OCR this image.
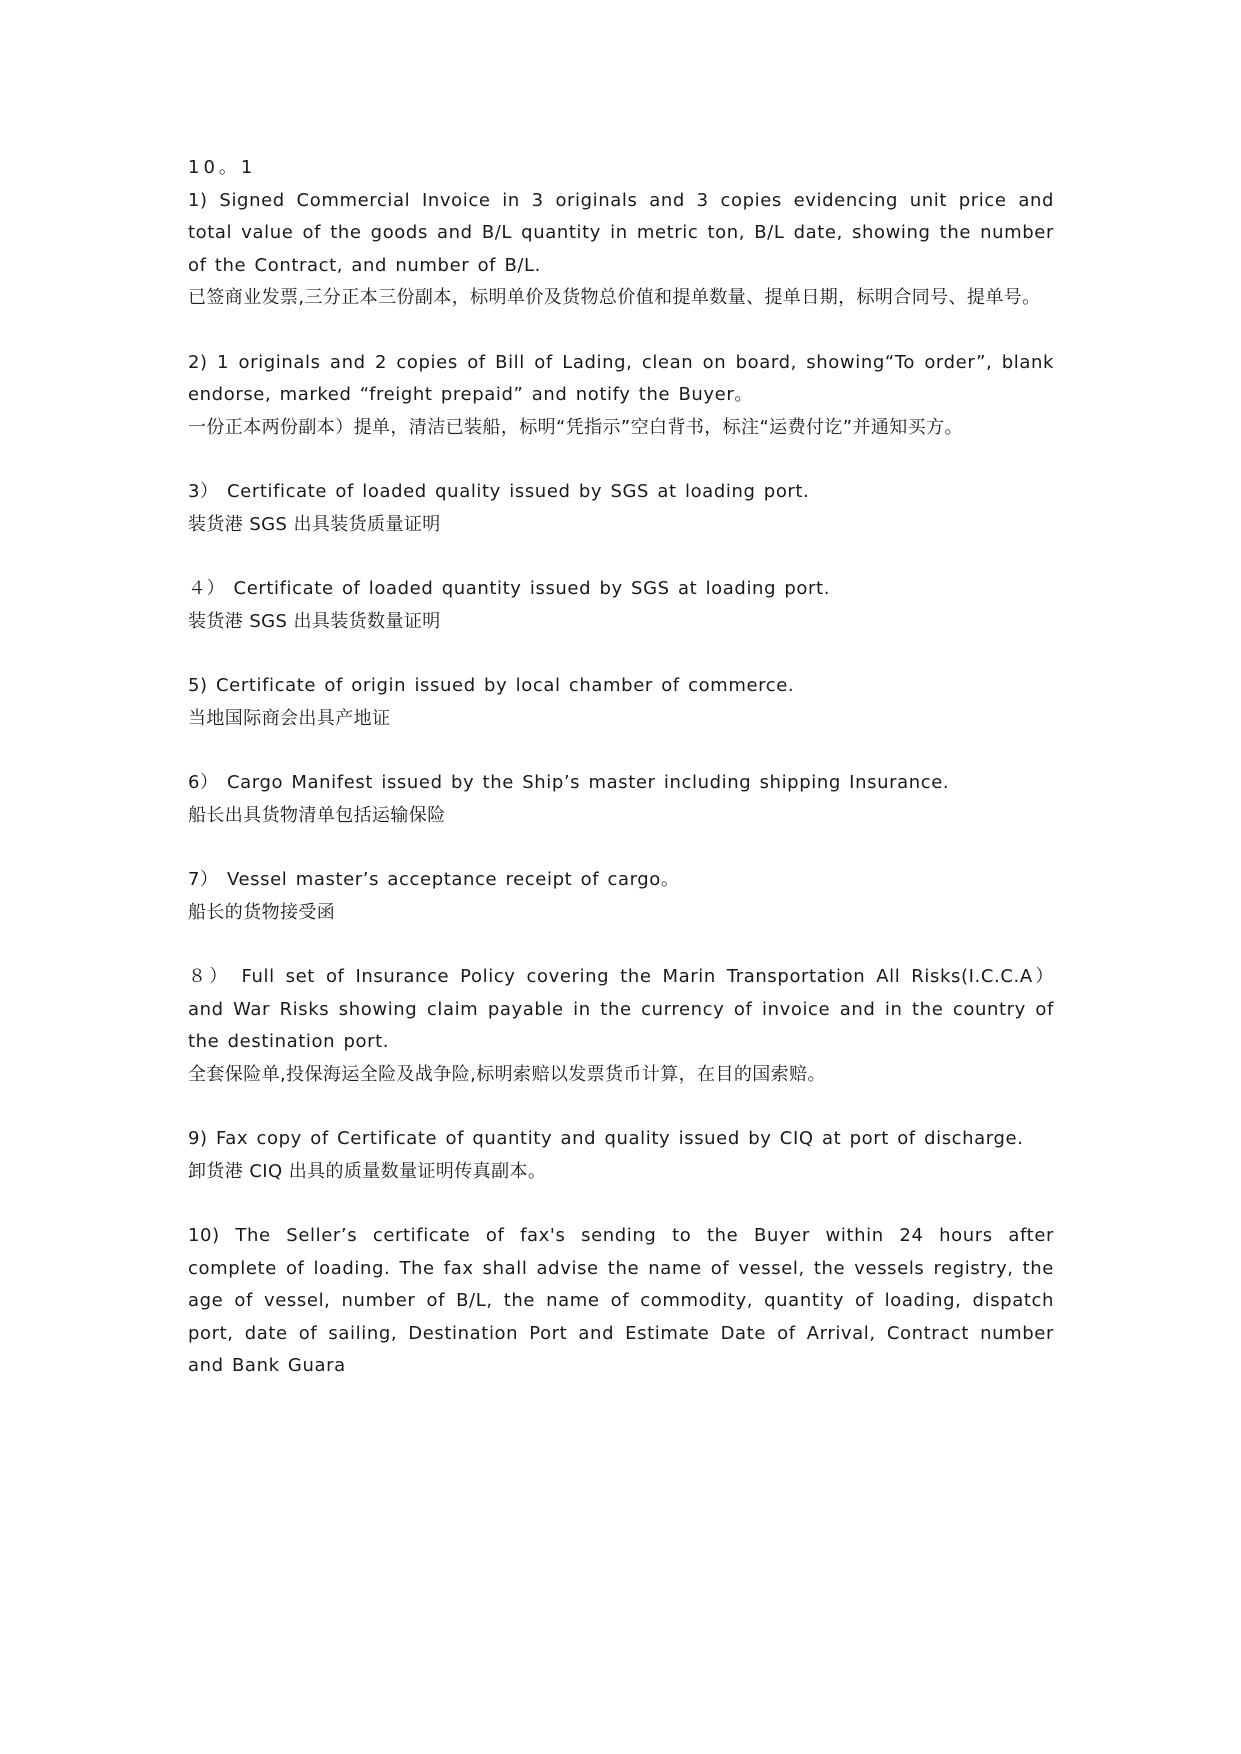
10。1

1) Signed Commercial Invoice in 3 originals and 3 copies evidencing unit price and total value of the goods and B/L quantity in metric ton, B/L date, showing the number of the Contract, and number of B/L.

已签商业发票,三分正本三份副本，标明单价及货物总价值和提单数量、提单日期，标明合同号、提单号。

2) 1 originals and 2 copies of Bill of Lading, clean on board, showing“To order”, blank endorse, marked “freight prepaid” and notify the Buyer。

一份正本两份副本）提单，清洁已装船，标明“凭指示”空白背书，标注“运费付讫”并通知买方。

3） Certificate of loaded quality issued by SGS at loading port.

装货港 SGS 出具装货质量证明

４） Certificate of loaded quantity issued by SGS at loading port.

装货港 SGS 出具装货数量证明

5) Certificate of origin issued by local chamber of commerce.

当地国际商会出具产地证

6） Cargo Manifest issued by the Ship’s master including shipping Insurance.

船长出具货物清单包括运输保险

7） Vessel master’s acceptance receipt of cargo。

船长的货物接受函

８） Full set of Insurance Policy covering the Marin Transportation All Risks(I.C.C.A） and War Risks showing claim payable in the currency of invoice and in the country of the destination port.

全套保险单,投保海运全险及战争险,标明索赔以发票货币计算，在目的国索赔。

9) Fax copy of Certificate of quantity and quality issued by CIQ at port of discharge.

卸货港 CIQ 出具的质量数量证明传真副本。

10) The Seller’s certificate of fax's sending to the Buyer within 24 hours after complete of loading. The fax shall advise the name of vessel, the vessels registry, the age of vessel, number of B/L, the name of commodity, quantity of loading, dispatch port, date of sailing, Destination Port and Estimate Date of Arrival, Contract number and Bank Guara
